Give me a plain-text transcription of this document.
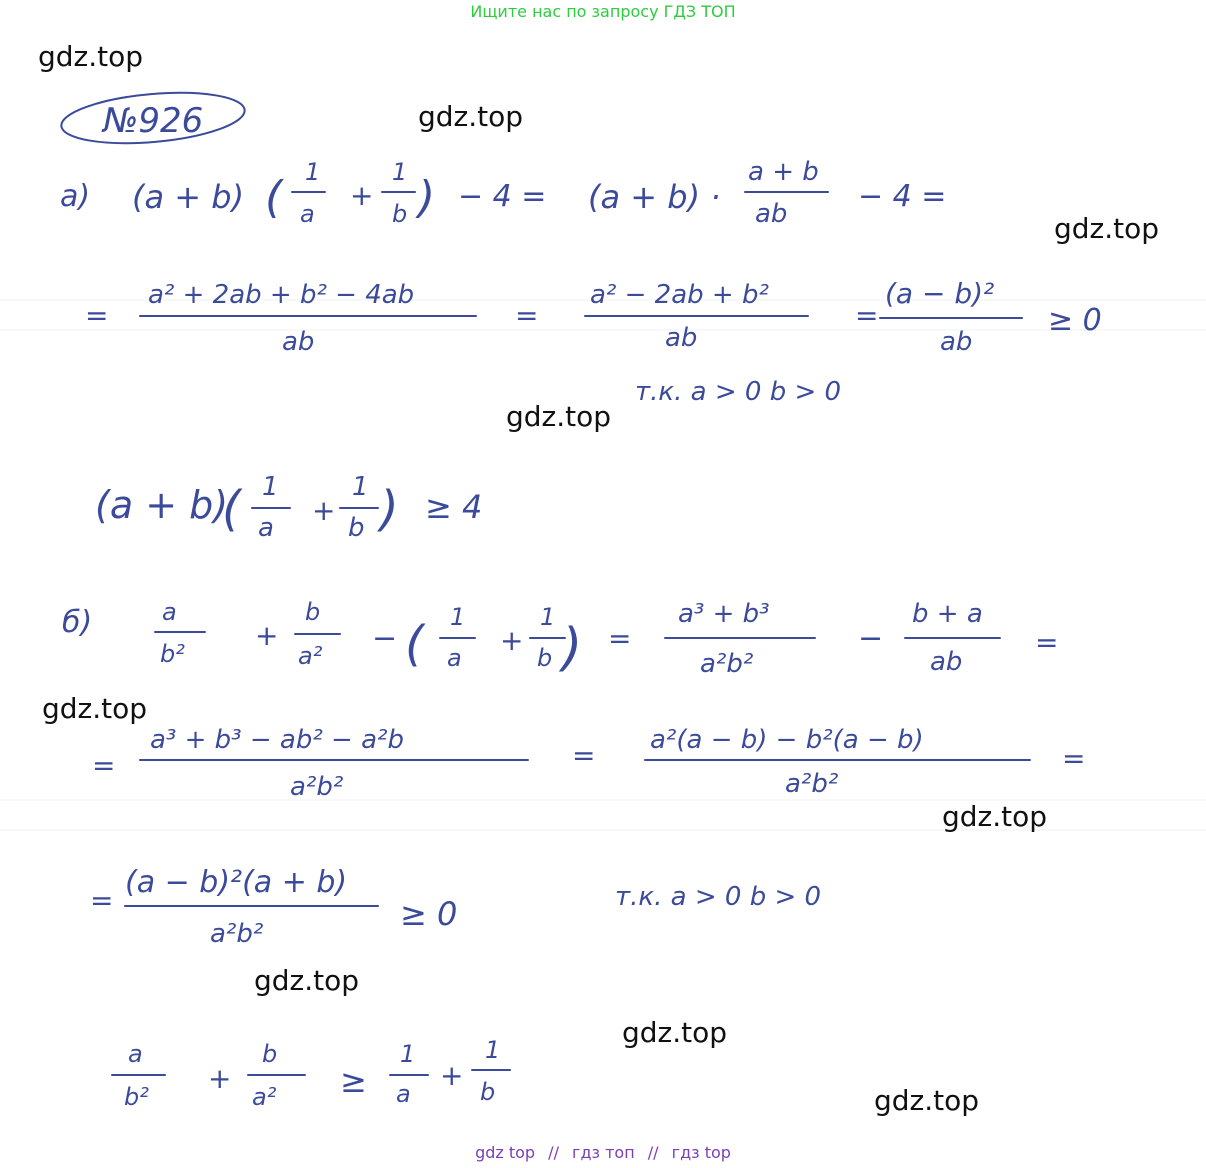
Ищите нас по запросу ГДЗ ТОП
№926
а) (a + b) ( 1
a
+
1
b ) − 4 = (a + b) ·
a + b
ab − 4 =
=
a² + 2ab + b² − 4ab
ab
=
a² − 2ab + b²
ab
=
(a − b)²
ab
≥ 0
т.к. a > 0 b > 0
(a + b)
( 1
a
+
1
b ) ≥ 4
б)	a
b²
+
b
a² − ( 1
a
+
1
b ) =
a³ + b³
a²b²
−
b + a
ab
=
=
a³ + b³ − ab² − a²b
a²b²
= a²(a − b) − b²(a − b)
a²b²
=
=
(a − b)²(a + b)
a²b²
≥ 0	т.к. a > 0 b > 0
a
b²
+
b
a² ≥
1
a
+
1
b
gdz.top
gdz.top
gdz.top
gdz.top
gdz.top
gdz.top
gdz.top
gdz.top
gdz.top
gdz top // гдз топ // гдз top
